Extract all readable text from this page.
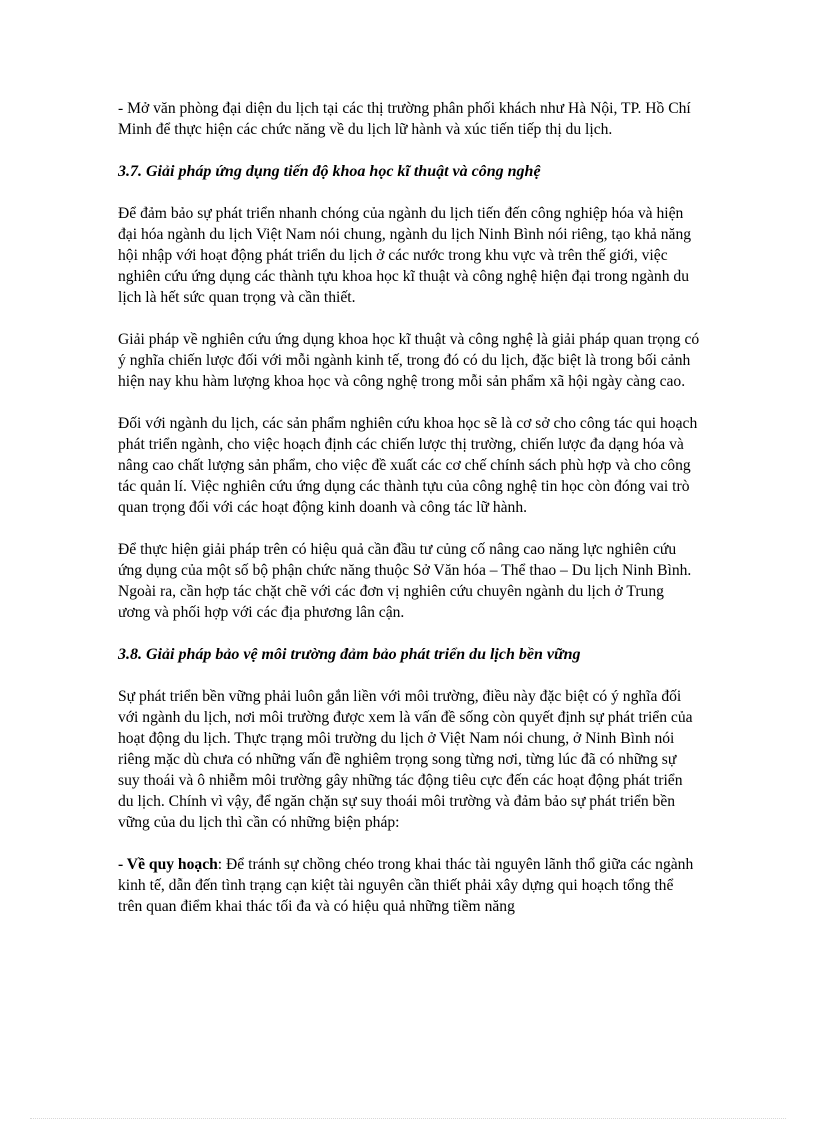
- Mở văn phòng đại diện du lịch tại các thị trường phân phối khách như Hà Nội, TP. Hồ Chí Minh để thực hiện các chức năng về du lịch lữ hành và xúc tiến tiếp thị du lịch.

3.7. Giải pháp ứng dụng tiến độ khoa học kĩ thuật và công nghệ

Để đảm bảo sự phát triển nhanh chóng của ngành du lịch tiến đến công nghiệp hóa và hiện đại hóa ngành du lịch Việt Nam nói chung, ngành du lịch Ninh Bình nói riêng, tạo khả năng hội nhập với hoạt động phát triển du lịch ở các nước trong khu vực và trên thế giới, việc nghiên cứu ứng dụng các thành tựu khoa học kĩ thuật và công nghệ hiện đại trong ngành du lịch là hết sức quan trọng và cần thiết.

Giải pháp về nghiên cứu ứng dụng khoa học kĩ thuật và công nghệ là giải pháp quan trọng có ý nghĩa chiến lược đối với mỗi ngành kinh tế, trong đó có du lịch, đặc biệt là trong bối cảnh hiện nay khu hàm lượng khoa học và công nghệ trong mỗi sản phẩm xã hội ngày càng cao.

Đối với ngành du lịch, các sản phẩm nghiên cứu khoa học sẽ là cơ sở cho công tác qui hoạch phát triển ngành, cho việc hoạch định các chiến lược thị trường, chiến lược đa dạng hóa và nâng cao chất lượng sản phẩm, cho việc đề xuất các cơ chế chính sách phù hợp và cho công tác quản lí. Việc nghiên cứu ứng dụng các thành tựu của công nghệ tin học còn đóng vai trò quan trọng đối với các hoạt động kinh doanh và công tác lữ hành.

Để thực hiện giải pháp trên có hiệu quả cần đầu tư củng cố nâng cao năng lực nghiên cứu ứng dụng của một số bộ phận chức năng thuộc Sở Văn hóa – Thể thao – Du lịch Ninh Bình. Ngoài ra, cần hợp tác chặt chẽ với các đơn vị nghiên cứu chuyên ngành du lịch ở Trung ương và phối hợp với các địa phương lân cận.

3.8. Giải pháp bảo vệ môi trường đảm bảo phát triển du lịch bền vững

Sự phát triển bền vững phải luôn gắn liền với môi trường, điều này đặc biệt có ý nghĩa đối với ngành du lịch, nơi môi trường được xem là vấn đề sống còn quyết định sự phát triển của hoạt động du lịch. Thực trạng môi trường du lịch ở Việt Nam nói chung, ở Ninh Bình nói riêng mặc dù chưa có những vấn đề nghiêm trọng song từng nơi, từng lúc đã có những sự suy thoái và ô nhiễm môi trường gây những tác động tiêu cực đến các hoạt động phát triển du lịch. Chính vì vậy, để ngăn chặn sự suy thoái môi trường và đảm bảo sự phát triển bền vững của du lịch thì cần có những biện pháp:

- Về quy hoạch: Để tránh sự chồng chéo trong khai thác tài nguyên lãnh thổ giữa các ngành kinh tế, dẫn đến tình trạng cạn kiệt tài nguyên cần thiết phải xây dựng qui hoạch tổng thể trên quan điểm khai thác tối đa và có hiệu quả những tiềm năng
